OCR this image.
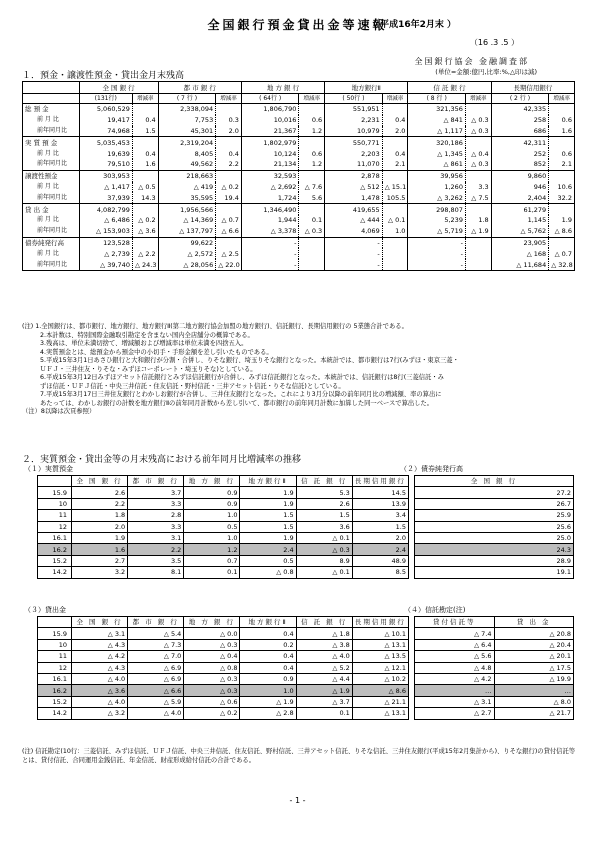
全国銀行預金貸出金等速報
（ 平成16年2月末 ）
（16 .3 .5 ）
全国銀行協会 金融調査部
(単位=金額:億円,比率:%,△印は減)
１．預金・譲渡性預金・貸出金月末残高
	全 国 銀 行		都 市 銀 行		地 方 銀 行		地方銀行Ⅱ		信 託 銀 行		長期信用銀行	
	(131行)	増減率	( 7 行 )	増減率	( 64行 )	増減率	( 50行 )	増減率	( 8 行 )	増減率	( 2 行 )	増減率
総 預 金	5,060,529		2,338,094		1,806,790		551,951		321,356		42,335	
前 月 比	19,417	0.4	7,753	0.3	10,016	0.6	2,231	0.4	△ 841	△ 0.3	258	0.6
前年同月比	74,968	1.5	45,301	2.0	21,367	1.2	10,979	2.0	△ 1,117	△ 0.3	686	1.6
実 質 預 金	5,035,453		2,319,204		1,802,979		550,771		320,186		42,311	
前 月 比	19,639	0.4	8,405	0.4	10,124	0.6	2,203	0.4	△ 1,345	△ 0.4	252	0.6
前年同月比	79,510	1.6	49,562	2.2	21,134	1.2	11,070	2.1	△ 861	△ 0.3	852	2.1
譲渡性預金	303,953		218,663		32,593		2,878		39,956		9,860	
前 月 比	△ 1,417	△ 0.5	△ 419	△ 0.2	△ 2,692	△ 7.6	△ 512	△ 15.1	1,260	3.3	946	10.6
前年同月比	37,939	14.3	35,595	19.4	1,724	5.6	1,478	105.5	△ 3,262	△ 7.5	2,404	32.2
貸 出 金	4,082,799		1,956,566		1,346,490		419,655		298,807		61,279	
前 月 比	△ 6,486	△ 0.2	△ 14,369	△ 0.7	1,944	0.1	△ 444	△ 0.1	5,239	1.8	1,145	1.9
前年同月比	△ 153,903	△ 3.6	△ 137,797	△ 6.6	△ 3,378	△ 0.3	4,069	1.0	△ 5,719	△ 1.9	△ 5,762	△ 8.6
債券純発行高	123,528		99,622		-		-		-		23,905	
前 月 比	△ 2,739	△ 2.2	△ 2,572	△ 2.5	-		-		-		△ 168	△ 0.7
前年同月比	△ 39,740	△ 24.3	△ 28,056	△ 22.0	-		-		-		△ 11,684	△ 32.8

(注) 1.全国銀行は、都市銀行、地方銀行、地方銀行Ⅱ(第二地方銀行協会加盟の地方銀行)、信託銀行、長期信用銀行の 5業態合計である。

2.本計数は、特別国際金融取引勘定を含まない国内全店舗分の概算である。

3.残高は、単位未満切捨て、増減額および増減率は単位未満を四捨五入。

4.実質預金とは、総預金から預金中の小切手・手形金額を差し引いたものである。

5.平成15年3月1日あさひ銀行と大和銀行が分割・合併し、りそな銀行、埼玉りそな銀行となった。本統計では、都市銀行は7行(みずほ・東京三菱・

ＵＦＪ・三井住友・りそな・みずほコーポレート・埼玉りそな)としている。

6.平成15年3月12日みずほアセット信託銀行とみずほ信託銀行が合併し、みずほ信託銀行となった。本統計では、信託銀行は8行(三菱信託・み

ずほ信託・ＵＦＪ信託・中央三井信託・住友信託・野村信託・三井アセット信託・りそな信託)としている。

7.平成15年3月17日三井住友銀行とわかしお銀行が合併し、三井住友銀行となった。これにより3月分以降の前年同月比の増減額、率の算出に

あたっては、わかしお銀行の計数を地方銀行Ⅱの前年同月計数から差し引いて、都市銀行の前年同月計数に加算した同一ベースで算出した。

（注）8以降は次頁参照）

２．実質預金・貸出金等の月末残高における前年同月比増減率の推移
（１）実質預金	（２）債券純発行高
（３）貸出金	（４）信託勘定(注)
	全 国 銀 行	都 市 銀 行	地 方 銀 行	地方銀行Ⅱ	信 託 銀 行	長期信用銀行
15.9	2.6	3.7	0.9	1.9	5.3	14.5
10	2.2	3.3	0.9	1.9	2.6	13.9
11	1.8	2.8	1.0	1.5	1.5	3.4
12	2.0	3.3	0.5	1.5	3.6	1.5
16.1	1.9	3.1	1.0	1.9	△ 0.1	2.0
16.2	1.6	2.2	1.2	2.4	△ 0.3	2.4
15.2	2.7	3.5	0.7	0.5	8.9	48.9
14.2	3.2	8.1	0.1	△ 0.8	△ 0.1	8.5
全 国 銀 行
27.2
26.7
25.9
25.6
25.0
24.3
28.9
19.1
	全 国 銀 行	都 市 銀 行	地 方 銀 行	地方銀行Ⅱ	信 託 銀 行	長期信用銀行
15.9	△ 3.1	△ 5.4	△ 0.0	0.4	△ 1.8	△ 10.1
10	△ 4.3	△ 7.3	△ 0.3	0.2	△ 3.8	△ 13.1
11	△ 4.2	△ 7.0	△ 0.4	0.4	△ 4.0	△ 13.5
12	△ 4.3	△ 6.9	△ 0.8	0.4	△ 5.2	△ 12.1
16.1	△ 4.0	△ 6.9	△ 0.3	0.9	△ 4.4	△ 10.2
16.2	△ 3.6	△ 6.6	△ 0.3	1.0	△ 1.9	△ 8.6
15.2	△ 4.0	△ 5.9	△ 0.6	△ 1.9	△ 3.7	△ 21.1
14.2	△ 3.2	△ 4.0	△ 0.2	△ 2.8	0.1	△ 13.1
貸付信託等	貸 出 金
△ 7.4	△ 20.8
△ 6.4	△ 20.4
△ 5.6	△ 20.1
△ 4.8	△ 17.5
△ 4.2	△ 19.9
…	…
△ 3.1	△ 8.0
△ 2.7	△ 21.7
(注) 信託勘定(10行：三菱信託、みずほ信託、ＵＦＪ信託、中央三井信託、住友信託、野村信託、三井アセット信託、りそな信託、三井住友銀行(平成15年2月集計から)、りそな銀行)の貸付信託等とは、貸付信託、合同運用金銭信託、年金信託、財産形成給付信託の合計である。
- 1 -
